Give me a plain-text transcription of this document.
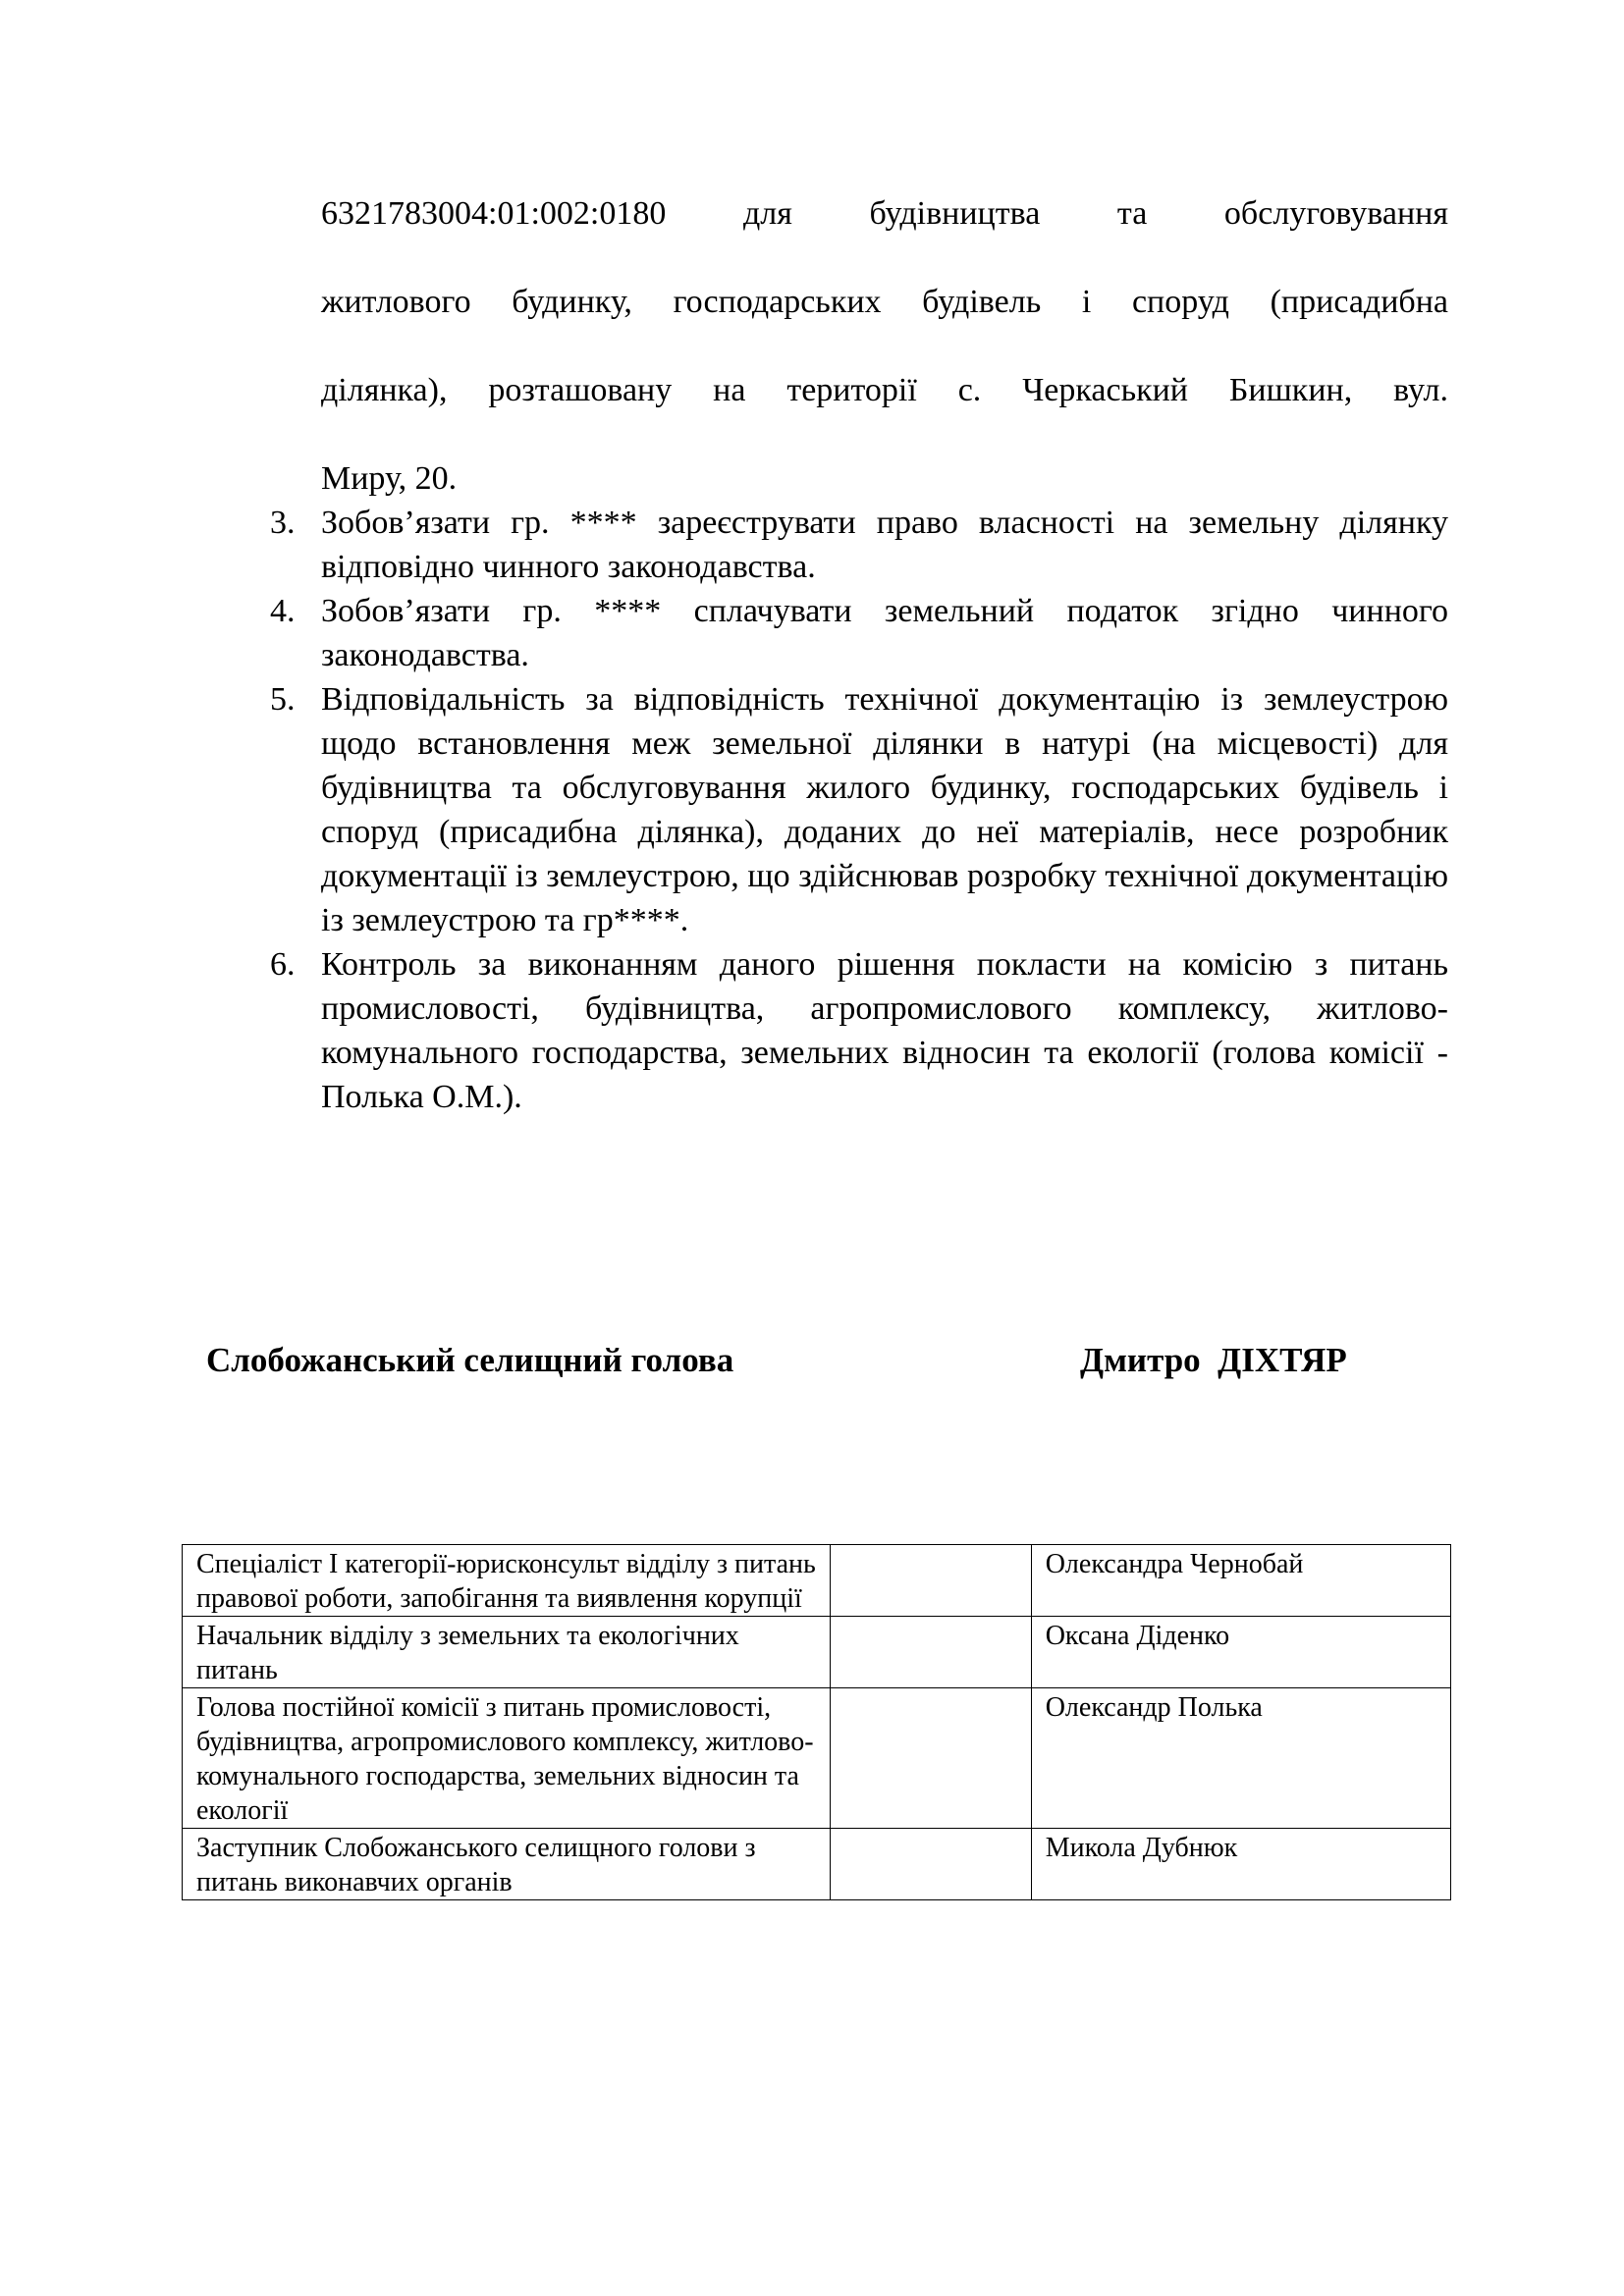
6321783004:01:002:0180 для будівництва та обслуговування
житлового будинку, господарських будівель і споруд (присадибна
ділянка), розташовану на території с. Черкаський Бишкин, вул.
Миру, 20.
3. Зобов’язати гр. **** зареєструвати право власності на земельну ділянку відповідно чинного законодавства.
4. Зобов’язати гр. **** сплачувати земельний податок згідно чинного законодавства.
5. Відповідальність за відповідність технічної документацію із землеустрою щодо встановлення меж земельної ділянки в натурі (на місцевості) для будівництва та обслуговування жилого будинку, господарських будівель і споруд (присадибна ділянка), доданих до неї матеріалів, несе розробник документації із землеустрою, що здійснював розробку технічної документацію із землеустрою та гр****.
6. Контроль за виконанням даного рішення покласти на комісію з питань промисловості, будівництва, агропромислового комплексу, житлово-комунального господарства, земельних відносин та екології (голова комісії - Полька О.М.).
Слобожанський селищний голова	Дмитро  ДІХТЯР
Спеціаліст І категорії-юрисконсульт відділу з питань правової роботи, запобігання та виявлення корупції		Олександра Чернобай
Начальник відділу з земельних та екологічних питань		Оксана Діденко
Голова постійної комісії з питань промисловості, будівництва, агропромислового комплексу, житлово-комунального господарства, земельних відносин та екології		Олександр Полька
Заступник Слобожанського селищного голови з питань виконавчих органів		Микола Дубнюк
